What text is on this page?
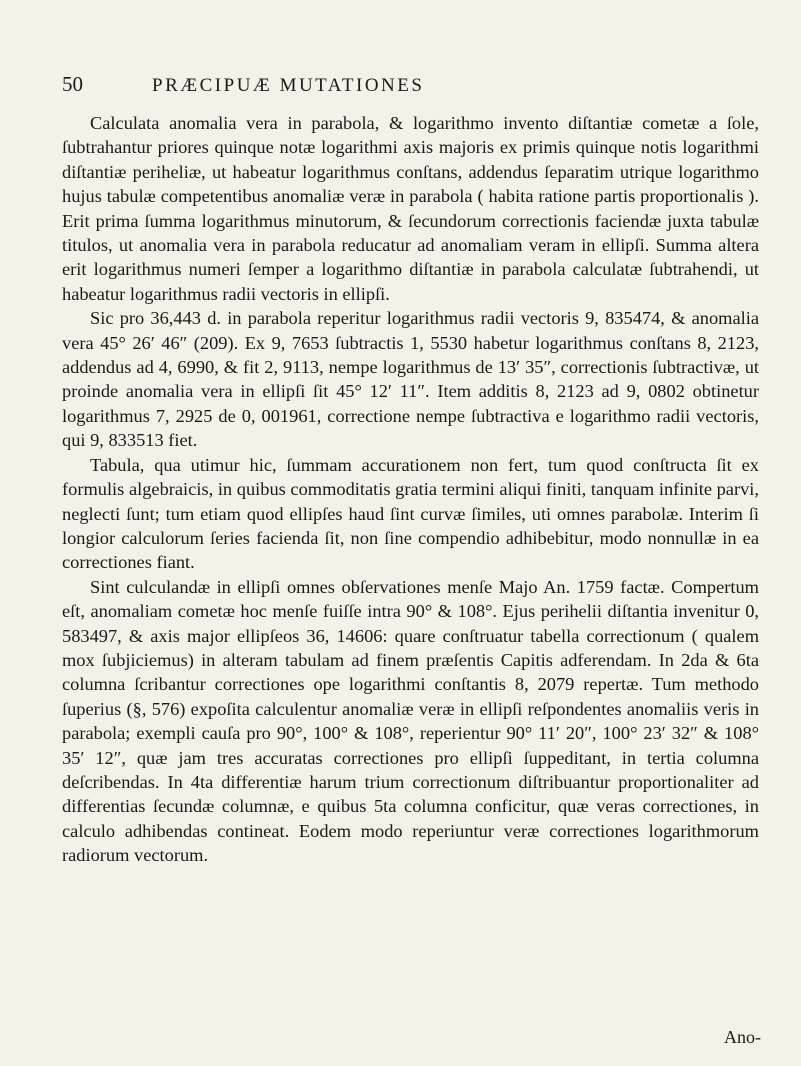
50	PRÆCIPUÆ MUTATIONES

Calculata anomalia vera in parabola, & logarithmo invento diſtantiæ cometæ a ſole, ſubtrahantur priores quinque notæ logarithmi axis majoris ex primis quinque notis logarithmi diſtantiæ periheliæ, ut habeatur logarithmus conſtans, addendus ſeparatim utrique logarithmo hujus tabulæ competentibus anomaliæ veræ in parabola ( habita ratione partis proportionalis ). Erit prima ſumma logarithmus minutorum, & ſecundorum correctionis faciendæ juxta tabulæ titulos, ut anomalia vera in parabola reducatur ad anomaliam veram in ellipſi. Summa altera erit logarithmus numeri ſemper a logarithmo diſtantiæ in parabola calculatæ ſubtrahendi, ut habeatur logarithmus radii vectoris in ellipſi.

Sic pro 36,443 d. in parabola reperitur logarithmus radii vectoris 9, 835474, & anomalia vera 45° 26′ 46″ (209). Ex 9, 7653 ſubtractis 1, 5530 habetur logarithmus conſtans 8, 2123, addendus ad 4, 6990, & fit 2, 9113, nempe logarithmus de 13′ 35″, correctionis ſubtractivæ, ut proinde anomalia vera in ellipſi ſit 45° 12′ 11″. Item additis 8, 2123 ad 9, 0802 obtinetur logarithmus 7, 2925 de 0, 001961, correctione nempe ſubtractiva e logarithmo radii vectoris, qui 9, 833513 fiet.

Tabula, qua utimur hic, ſummam accurationem non fert, tum quod conſtructa ſit ex formulis algebraicis, in quibus commoditatis gratia termini aliqui finiti, tanquam infinite parvi, neglecti ſunt; tum etiam quod ellipſes haud ſint curvæ ſimiles, uti omnes parabolæ. Interim ſi longior calculorum ſeries facienda ſit, non ſine compendio adhibebitur, modo nonnullæ in ea correctiones fiant.

Sint culculandæ in ellipſi omnes obſervationes menſe Majo An. 1759 factæ. Compertum eſt, anomaliam cometæ hoc menſe fuiſſe intra 90° & 108°. Ejus perihelii diſtantia invenitur 0, 583497, & axis major ellipſeos 36, 14606: quare conſtruatur tabella correctionum ( qualem mox ſubjiciemus) in alteram tabulam ad finem præſentis Capitis adferendam. In 2da & 6ta columna ſcribantur correctiones ope logarithmi conſtantis 8, 2079 repertæ. Tum methodo ſuperius (§, 576) expoſita calculentur anomaliæ veræ in ellipſi reſpondentes anomaliis veris in parabola; exempli cauſa pro 90°, 100° & 108°, reperientur 90° 11′ 20″, 100° 23′ 32″ & 108° 35′ 12″, quæ jam tres accuratas correctiones pro ellipſi ſuppeditant, in tertia columna deſcribendas. In 4ta differentiæ harum trium correctionum diſtribuantur proportionaliter ad differentias ſecundæ columnæ, e quibus 5ta columna conficitur, quæ veras correctiones, in calculo adhibendas contineat. Eodem modo reperiuntur veræ correctiones logarithmorum radiorum vectorum.

Ano-
